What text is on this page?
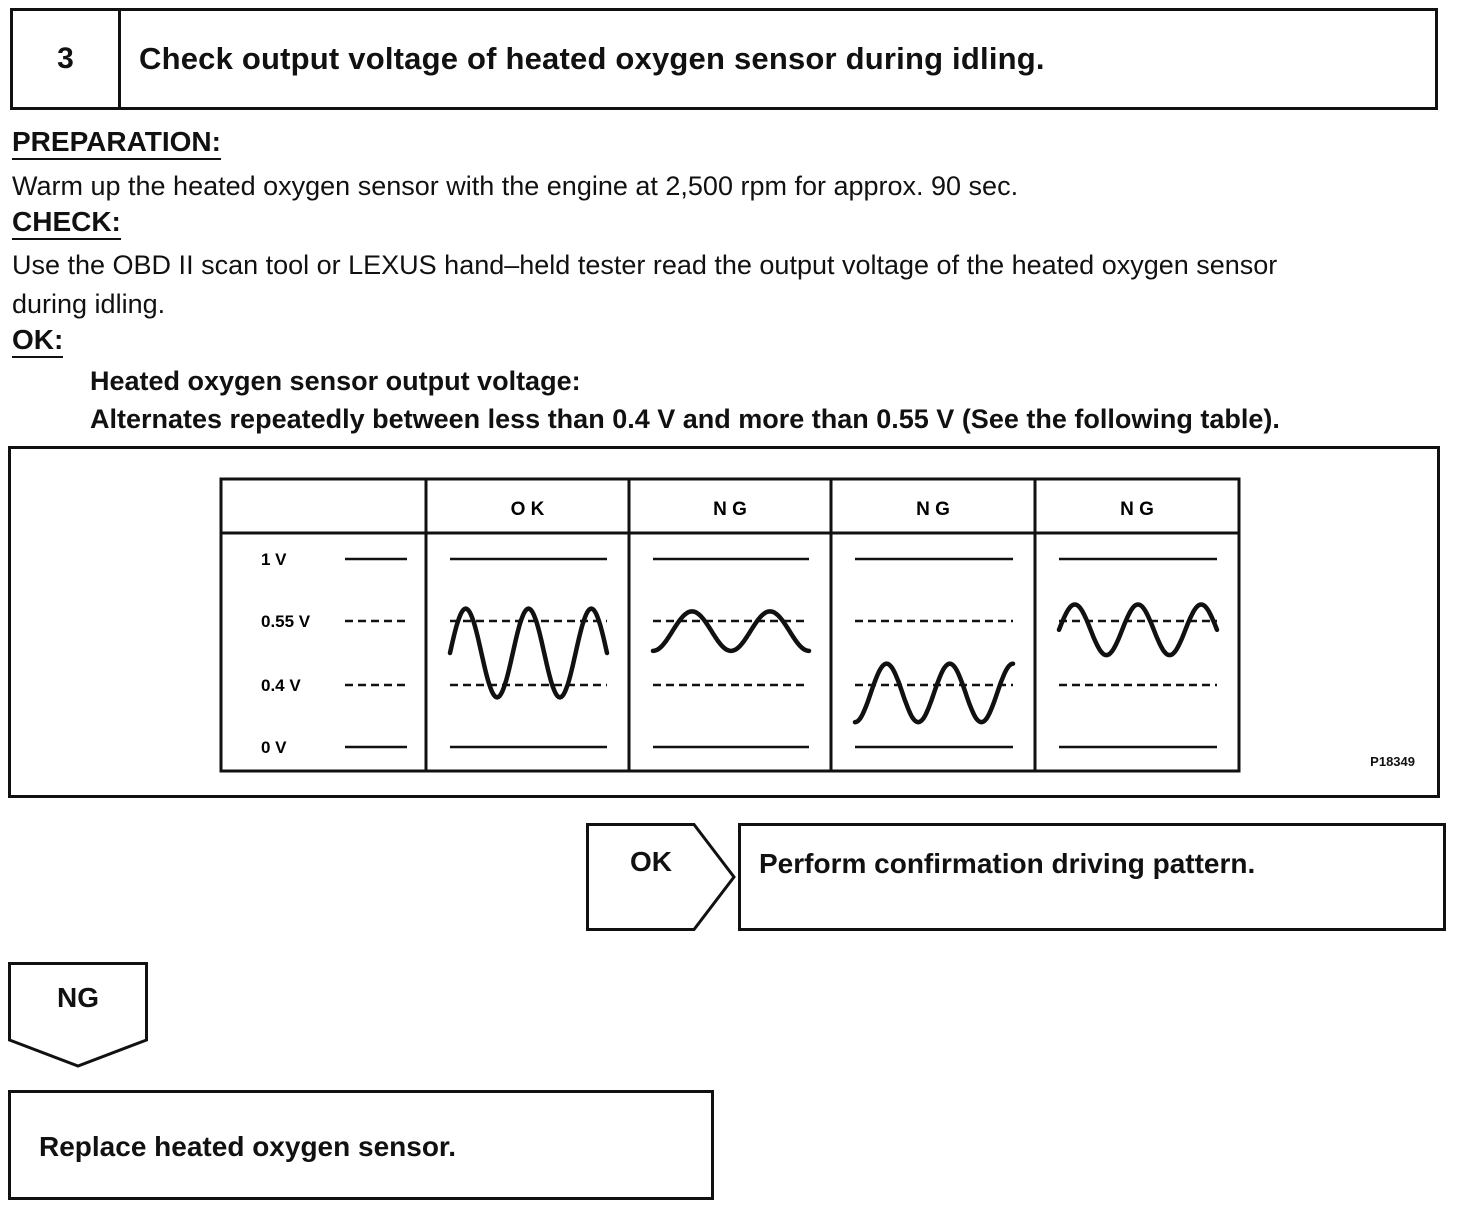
3	Check output voltage of heated oxygen sensor during idling.
PREPARATION:
Warm up the heated oxygen sensor with the engine at 2,500 rpm for approx. 90 sec.
CHECK:
Use the OBD II scan tool or LEXUS hand–held tester read the output voltage of the heated oxygen sensor
during idling.
OK:
Heated oxygen sensor output voltage:
Alternates repeatedly between less than 0.4 V and more than 0.55 V (See the following table).
1 V
0.55 V
0.4 V
0 V
O K	N G	N G	N G
P18349
OK	Perform confirmation driving pattern.
NG
Replace heated oxygen sensor.
